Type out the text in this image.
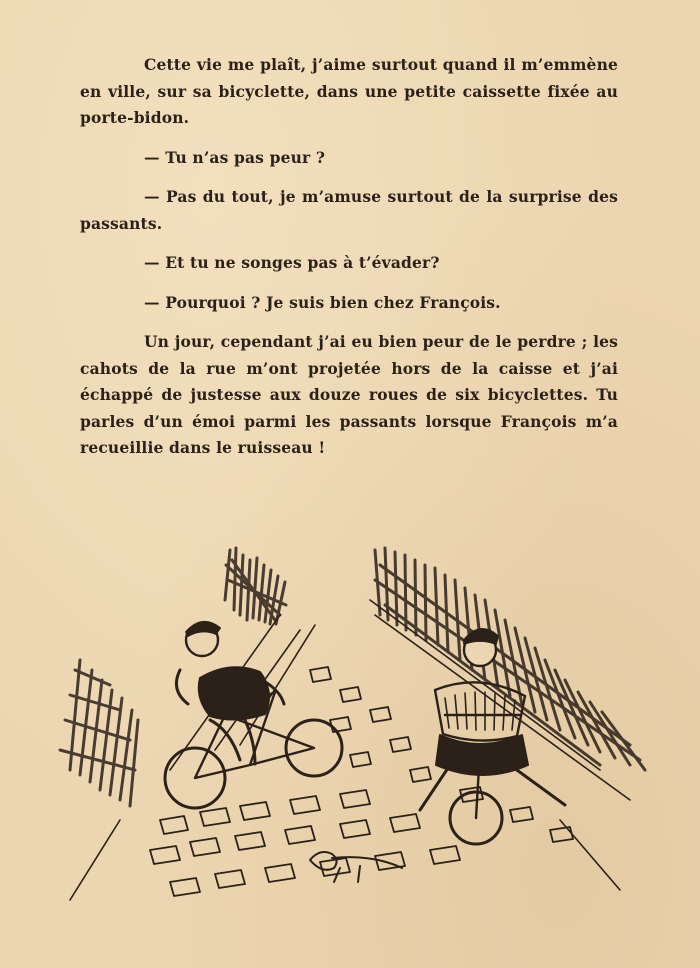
Cette vie me plaît, j’aime surtout quand il m’emmène en ville, sur sa bicyclette, dans une petite caissette fixée au porte-bidon.

— Tu n’as pas peur ?

— Pas du tout, je m’amuse surtout de la surprise des passants.

— Et tu ne songes pas à t’évader?

— Pourquoi ? Je suis bien chez François.

Un jour, cependant j’ai eu bien peur de le perdre ; les cahots de la rue m’ont projetée hors de la caisse et j’ai échappé de justesse aux douze roues de six bicyclettes. Tu parles d’un émoi parmi les passants lorsque François m’a recueillie dans le ruisseau !
